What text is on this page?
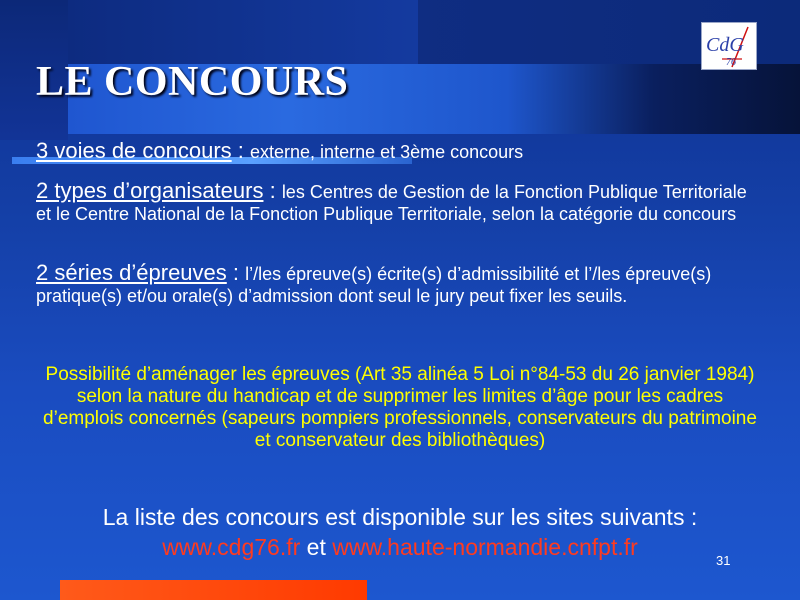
CdG
76
LE CONCOURS

3 voies de concours : externe, interne et 3ème concours

2 types d’organisateurs : les Centres de Gestion de la Fonction Publique Territoriale et le Centre National de la Fonction Publique Territoriale, selon la catégorie du concours

2 séries d’épreuves : l’/les épreuve(s) écrite(s) d’admissibilité et l’/les épreuve(s) pratique(s) et/ou orale(s) d’admission dont seul le jury peut fixer les seuils.

Possibilité d’aménager les épreuves (Art 35 alinéa 5 Loi n°84-53 du 26 janvier 1984) selon la nature du handicap et de supprimer les limites d’âge pour les cadres d’emplois concernés (sapeurs pompiers professionnels, conservateurs du patrimoine et conservateur des bibliothèques)

La liste des concours est disponible sur les sites suivants :
www.cdg76.fr et www.haute-normandie.cnfpt.fr

31
